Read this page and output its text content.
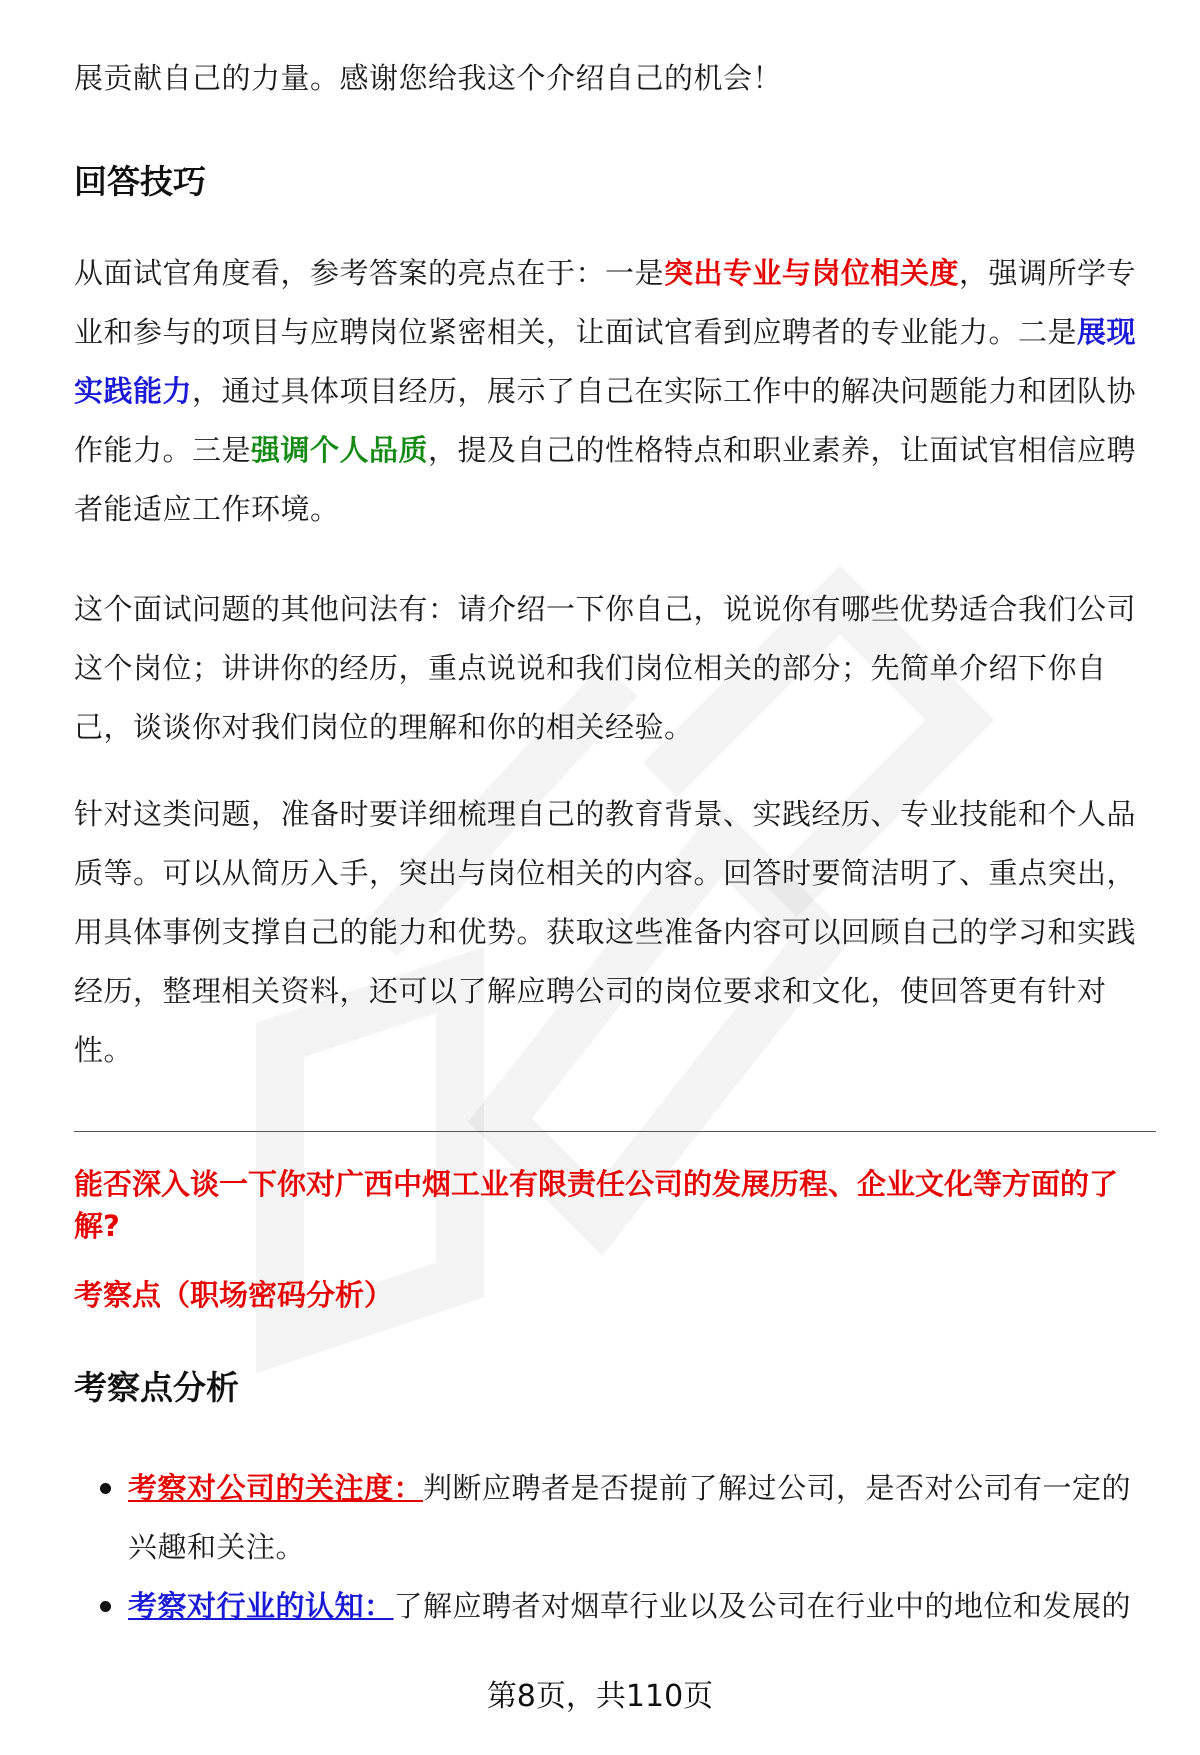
展贡献自己的力量。感谢您给我这个介绍自己的机会！
回答技巧

从面试官角度看，参考答案的亮点在于：一是突出专业与岗位相关度，强调所学专业和参与的项目与应聘岗位紧密相关，让面试官看到应聘者的专业能力。二是展现实践能力，通过具体项目经历，展示了自己在实际工作中的解决问题能力和团队协作能力。三是强调个人品质，提及自己的性格特点和职业素养，让面试官相信应聘者能适应工作环境。

这个面试问题的其他问法有：请介绍一下你自己，说说你有哪些优势适合我们公司这个岗位；讲讲你的经历，重点说说和我们岗位相关的部分；先简单介绍下你自己，谈谈你对我们岗位的理解和你的相关经验。

针对这类问题，准备时要详细梳理自己的教育背景、实践经历、专业技能和个人品质等。可以从简历入手，突出与岗位相关的内容。回答时要简洁明了、重点突出，用具体事例支撑自己的能力和优势。获取这些准备内容可以回顾自己的学习和实践经历，整理相关资料，还可以了解应聘公司的岗位要求和文化，使回答更有针对性。

能否深入谈一下你对广西中烟工业有限责任公司的发展历程、企业文化等方面的了解?

考察点（职场密码分析）
考察点分析
考察对公司的关注度：判断应聘者是否提前了解过公司，是否对公司有一定的兴趣和关注。
考察对行业的认知：了解应聘者对烟草行业以及公司在行业中的地位和发展的
第8页，共110页
